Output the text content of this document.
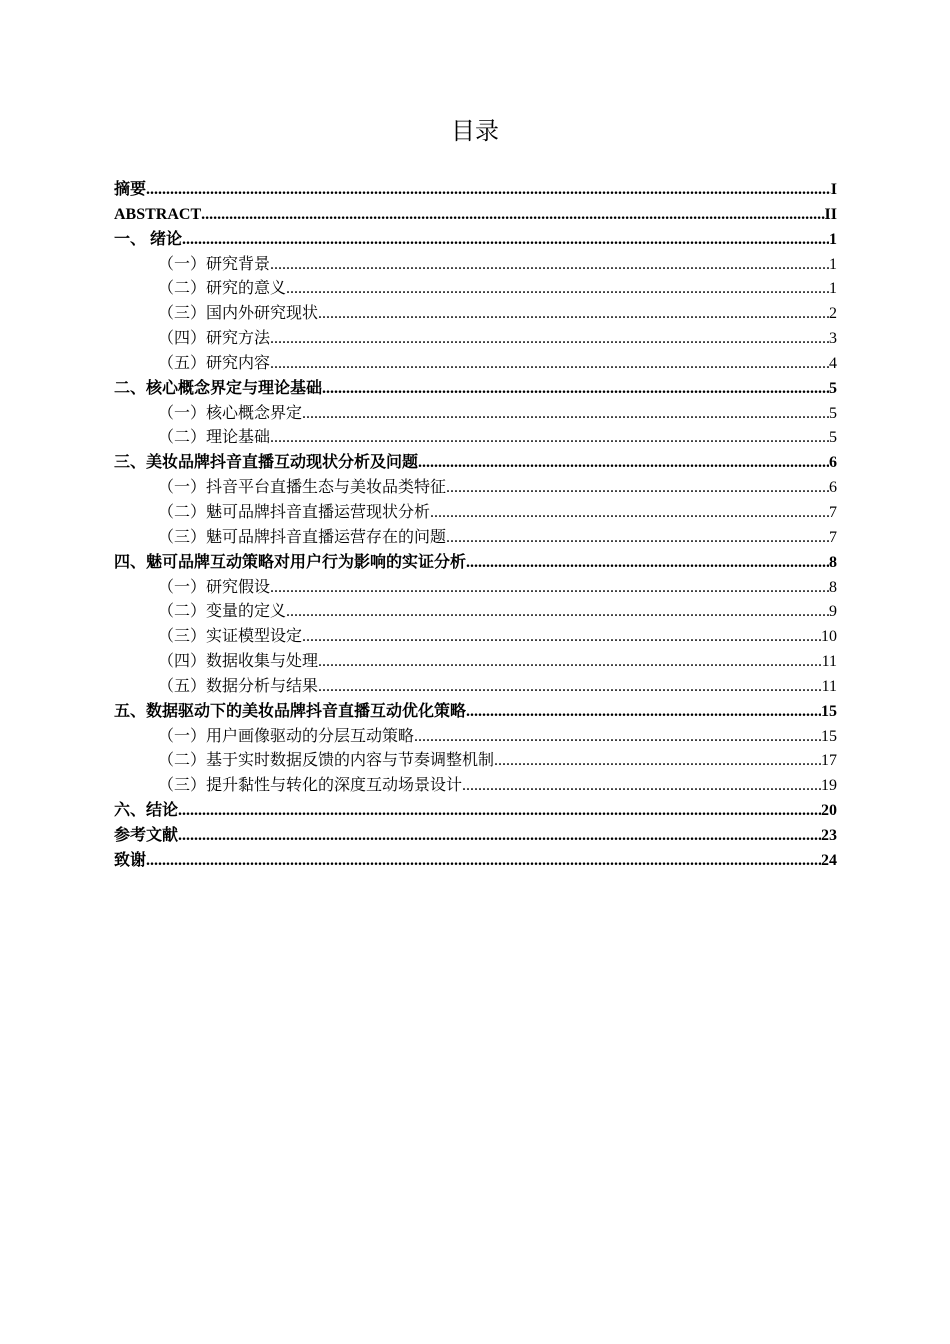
目录
摘要 .....	I
ABSTRACT .....	II
一、 绪论 .....	1
（一）研究背景 .....	1
（二）研究的意义 .....	1
（三）国内外研究现状 .....	2
（四）研究方法 .....	3
（五）研究内容 .....	4
二、核心概念界定与理论基础 .....	5
（一）核心概念界定 .....	5
（二）理论基础 .....	5
三、美妆品牌抖音直播互动现状分析及问题 .....	6
（一）抖音平台直播生态与美妆品类特征 .....	6
（二）魅可品牌抖音直播运营现状分析 .....	7
（三）魅可品牌抖音直播运营存在的问题 .....	7
四、魅可品牌互动策略对用户行为影响的实证分析 .....	8
（一）研究假设 .....	8
（二）变量的定义 .....	9
（三）实证模型设定 .....	10
（四）数据收集与处理 .....	11
（五）数据分析与结果 .....	11
五、数据驱动下的美妆品牌抖音直播互动优化策略 .....	15
（一）用户画像驱动的分层互动策略 .....	15
（二）基于实时数据反馈的内容与节奏调整机制 .....	17
（三）提升黏性与转化的深度互动场景设计 .....	19
六、结论 .....	20
参考文献 .....	23
致谢 .....	24
